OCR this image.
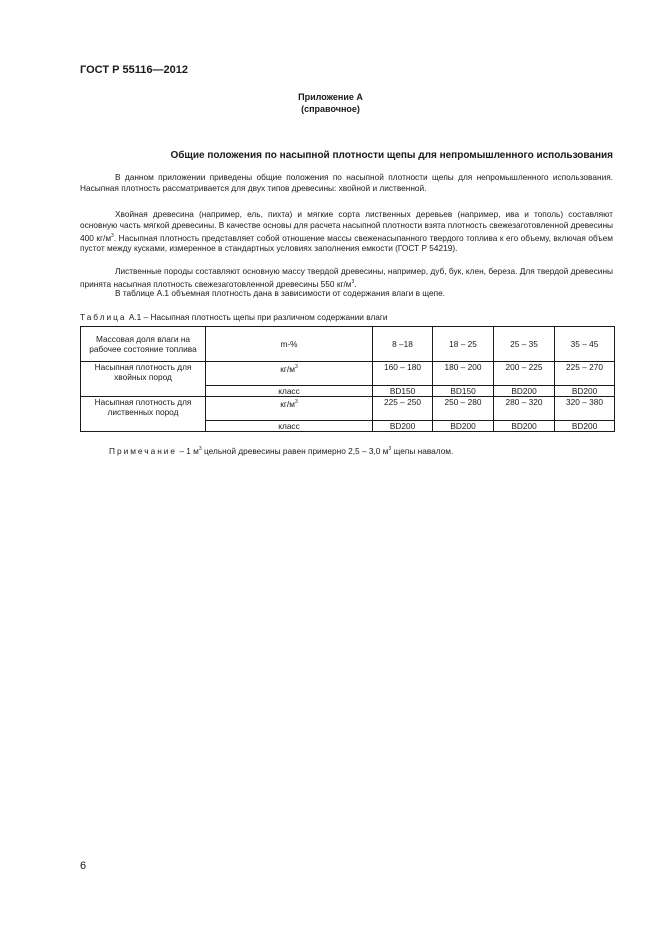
ГОСТ Р 55116—2012
Приложение А
(справочное)
Общие положения по насыпной плотности щепы для непромышленного использования

В данном приложении приведены общие положения по насыпной плотности щепы для непромышленного использования. Насыпная плотность рассматривается для двух типов древесины: хвойной и лиственной.

Хвойная древесина (например, ель, пихта) и мягкие сорта лиственных деревьев (например, ива и тополь) составляют основную часть мягкой древесины. В качестве основы для расчета насыпной плотности взята плотность свежезаготовленной древесины 400 $кг/м^3$. Насыпная плотность представляет собой отношение массы свеженасыпанного твердого топлива к его объему, включая объем пустот между кусками, измеренное в стандартных условиях заполнения емкости (ГОСТ Р 54219).

Лиственные породы составляют основную массу твердой древесины, например, дуб, бук, клен, береза. Для твердой древесины принята насыпная плотность свежезаготовленной древесины 550 $кг/м^3$.

В таблице А.1 объемная плотность дана в зависимости от содержания влаги в щепе.

Таблица А.1 – Насыпная плотность щепы при различном содержании влаги
Массовая доля влаги на рабочее состояние топлива	m-%	8 –18	18 – 25	25 – 35	35 – 45
Насыпная плотность для хвойных пород	$кг/м^3$	160 – 180	180 – 200	200 – 225	225 – 270
	класс	BD150	BD150	BD200	BD200
Насыпная плотность для лиственных пород	$кг/м^3$	225 – 250	250 – 280	280 – 320	320 – 380
	класс	BD200	BD200	BD200	BD200
Примечание – 1 $м^3$ цельной древесины равен примерно 2,5 – 3,0 $м^3$ щепы навалом.
6
